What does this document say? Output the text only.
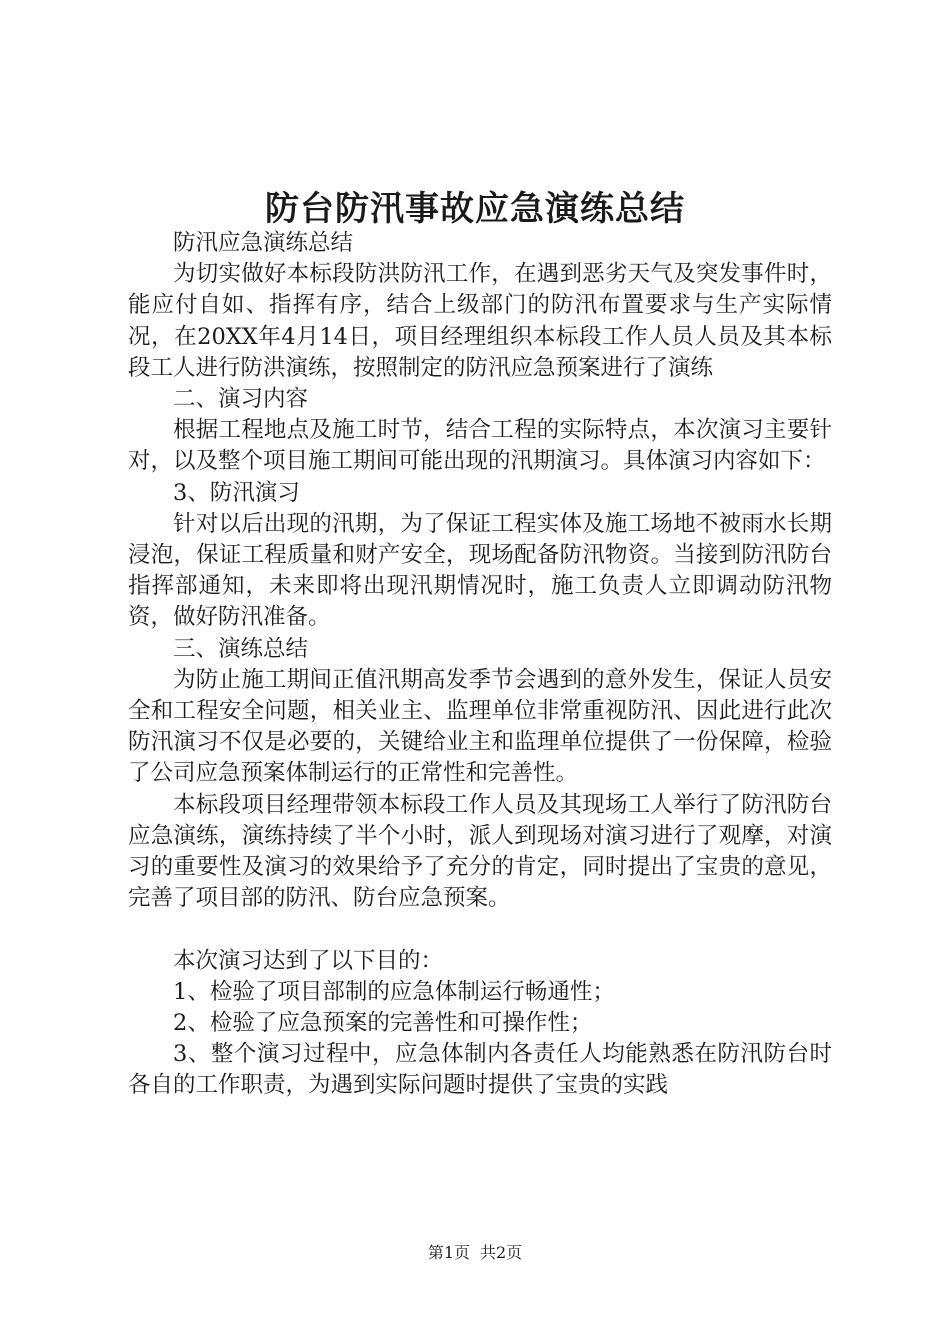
防台防汛事故应急演练总结

防汛应急演练总结

为切实做好本标段防洪防汛工作，在遇到恶劣天气及突发事件时，能应付自如、指挥有序，结合上级部门的防汛布置要求与生产实际情况，在20XX年4月14日，项目经理组织本标段工作人员人员及其本标段工人进行防洪演练，按照制定的防汛应急预案进行了演练

二、演习内容

根据工程地点及施工时节，结合工程的实际特点，本次演习主要针对，以及整个项目施工期间可能出现的汛期演习。具体演习内容如下：

3、防汛演习

针对以后出现的汛期，为了保证工程实体及施工场地不被雨水长期浸泡，保证工程质量和财产安全，现场配备防汛物资。当接到防汛防台指挥部通知，未来即将出现汛期情况时，施工负责人立即调动防汛物资，做好防汛准备。

三、演练总结

为防止施工期间正值汛期高发季节会遇到的意外发生，保证人员安全和工程安全问题，相关业主、监理单位非常重视防汛、因此进行此次防汛演习不仅是必要的，关键给业主和监理单位提供了一份保障，检验了公司应急预案体制运行的正常性和完善性。

本标段项目经理带领本标段工作人员及其现场工人举行了防汛防台应急演练，演练持续了半个小时，派人到现场对演习进行了观摩，对演习的重要性及演习的效果给予了充分的肯定，同时提出了宝贵的意见，完善了项目部的防汛、防台应急预案。

本次演习达到了以下目的：

1、检验了项目部制的应急体制运行畅通性；

2、检验了应急预案的完善性和可操作性；

3、整个演习过程中，应急体制内各责任人均能熟悉在防汛防台时各自的工作职责，为遇到实际问题时提供了宝贵的实践

第1页 共2页
